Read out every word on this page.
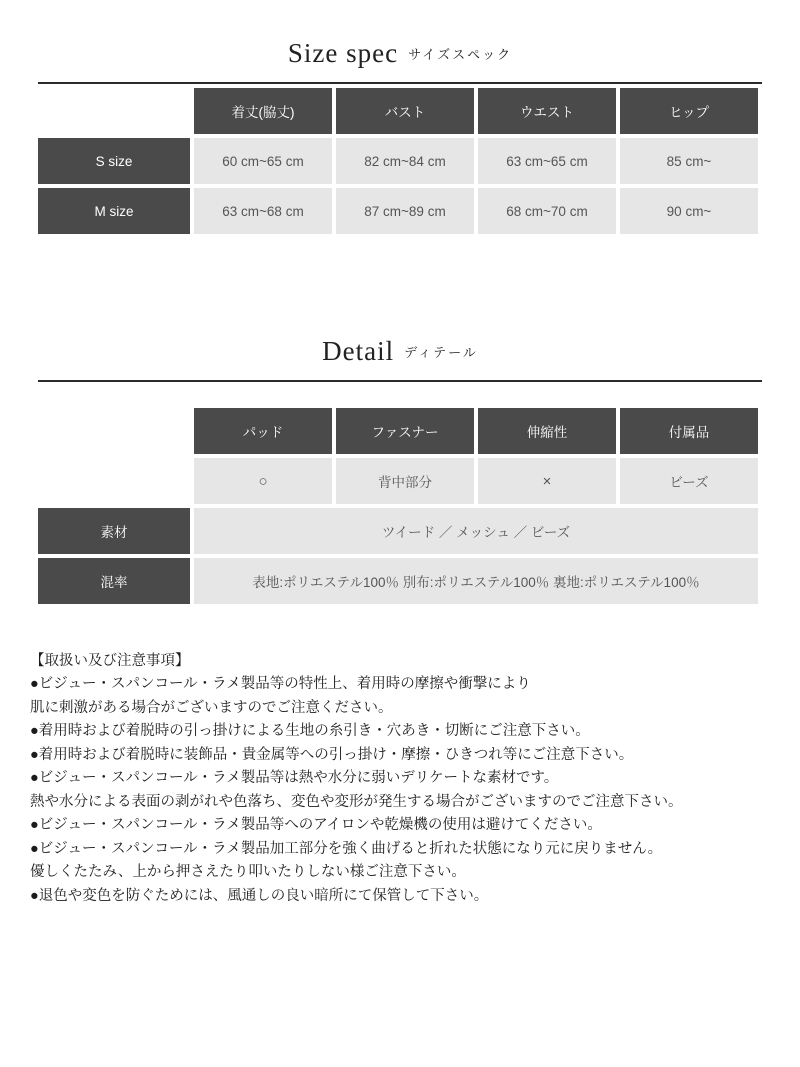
Size spec サイズスペック
	着丈(脇丈)	バスト	ウエスト	ヒップ
S size	60 cm~65 cm	82 cm~84 cm	63 cm~65 cm	85 cm~
M size	63 cm~68 cm	87 cm~89 cm	68 cm~70 cm	90 cm~
Detail ディテール
	パッド	ファスナー	伸縮性	付属品
	○	背中部分	×	ビーズ
素材	ツイード ／ メッシュ ／ ビーズ			
混率	表地:ポリエステル100％ 別布:ポリエステル100％ 裏地:ポリエステル100％			

【取扱い及び注意事項】

●ビジュー・スパンコール・ラメ製品等の特性上、着用時の摩擦や衝撃により

肌に刺激がある場合がございますのでご注意ください。

●着用時および着脱時の引っ掛けによる生地の糸引き・穴あき・切断にご注意下さい。

●着用時および着脱時に装飾品・貴金属等への引っ掛け・摩擦・ひきつれ等にご注意下さい。

●ビジュー・スパンコール・ラメ製品等は熱や水分に弱いデリケートな素材です。

熱や水分による表面の剥がれや色落ち、変色や変形が発生する場合がございますのでご注意下さい。

●ビジュー・スパンコール・ラメ製品等へのアイロンや乾燥機の使用は避けてください。

●ビジュー・スパンコール・ラメ製品加工部分を強く曲げると折れた状態になり元に戻りません。

優しくたたみ、上から押さえたり叩いたりしない様ご注意下さい。

●退色や変色を防ぐためには、風通しの良い暗所にて保管して下さい。
